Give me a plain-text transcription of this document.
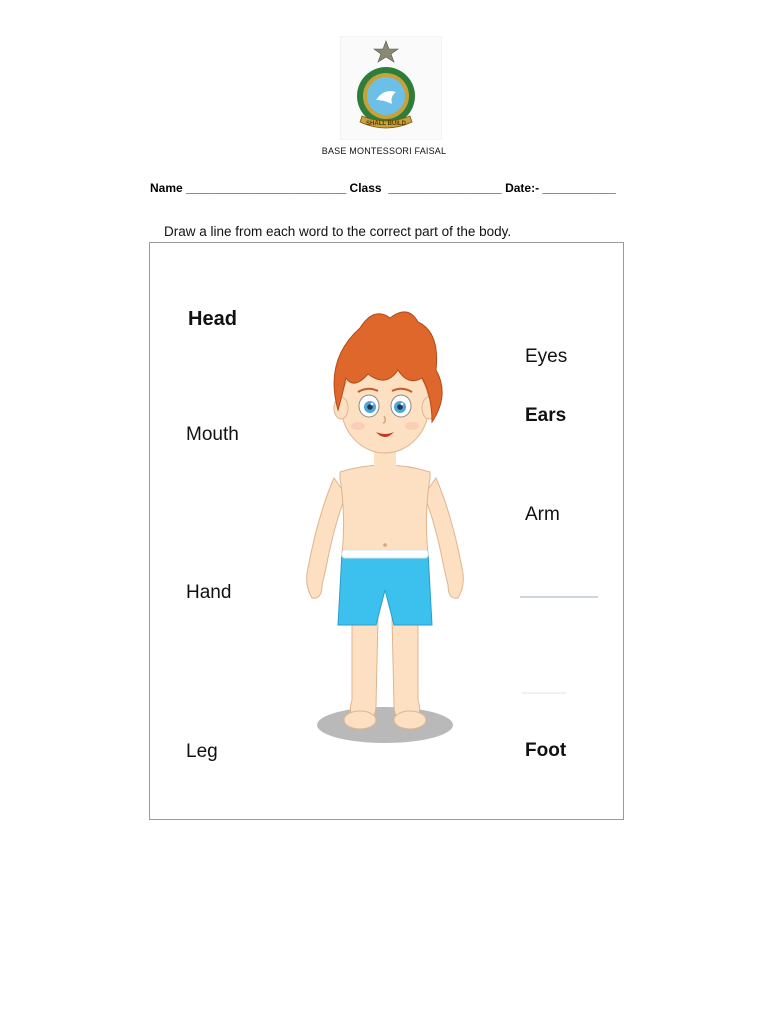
SHALL BUILD
BASE MONTESSORI FAISAL
Name ________________________ Class _________________ Date:- ___________
Draw a line from each word to the correct part of the body.
Head
Mouth
Hand
Leg
Eyes
Ears
Arm
Foot
